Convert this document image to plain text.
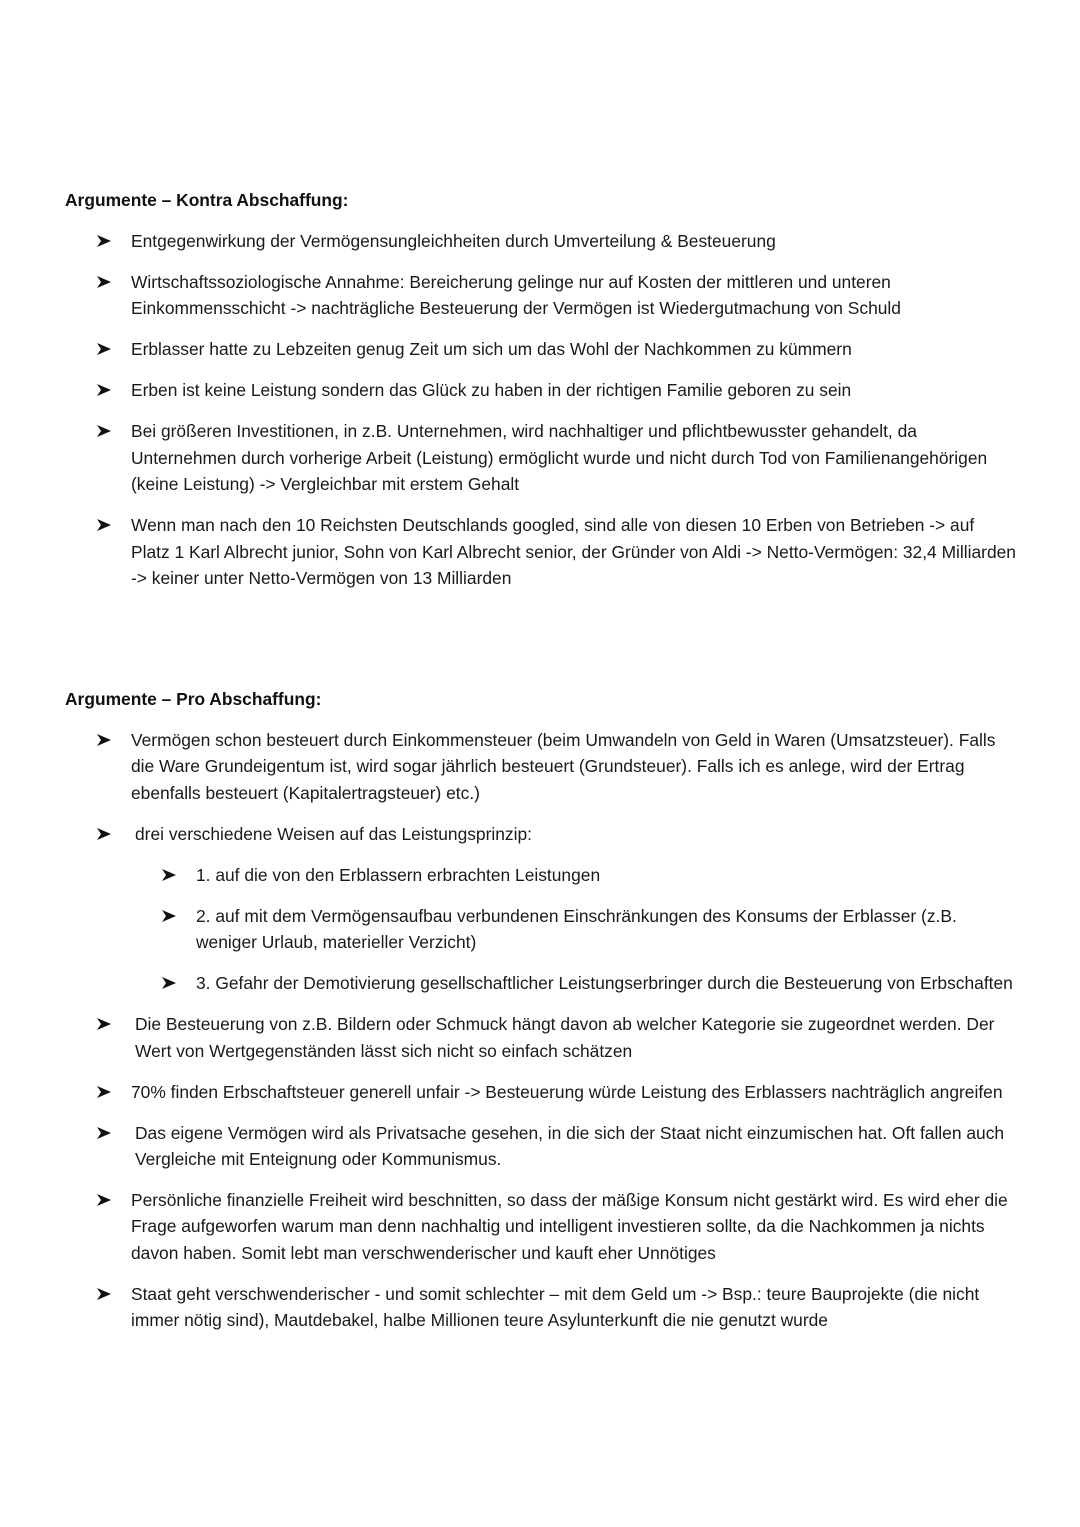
Argumente – Kontra Abschaffung:
Entgegenwirkung der Vermögensungleichheiten durch Umverteilung & Besteuerung
Wirtschaftssoziologische Annahme: Bereicherung gelinge nur auf Kosten der mittleren und unteren Einkommensschicht -> nachträgliche Besteuerung der Vermögen ist Wiedergutmachung von Schuld
Erblasser hatte zu Lebzeiten genug Zeit um sich um das Wohl der Nachkommen zu kümmern
Erben ist keine Leistung sondern das Glück zu haben in der richtigen Familie geboren zu sein
Bei größeren Investitionen, in z.B. Unternehmen, wird nachhaltiger und pflichtbewusster gehandelt, da Unternehmen durch vorherige Arbeit (Leistung) ermöglicht wurde und nicht durch Tod von Familienangehörigen (keine Leistung) -> Vergleichbar mit erstem Gehalt
Wenn man nach den 10 Reichsten Deutschlands googled, sind alle von diesen 10 Erben von Betrieben -> auf Platz 1 Karl Albrecht junior, Sohn von Karl Albrecht senior, der Gründer von Aldi -> Netto-Vermögen: 32,4 Milliarden -> keiner unter Netto-Vermögen von 13 Milliarden
Argumente – Pro Abschaffung:
Vermögen schon besteuert durch Einkommensteuer (beim Umwandeln von Geld in Waren (Umsatzsteuer). Falls die Ware Grundeigentum ist, wird sogar jährlich besteuert (Grundsteuer). Falls ich es anlege, wird der Ertrag ebenfalls besteuert (Kapitalertragsteuer) etc.)
drei verschiedene Weisen auf das Leistungsprinzip:
1. auf die von den Erblassern erbrachten Leistungen
2. auf mit dem Vermögensaufbau verbundenen Einschränkungen des Konsums der Erblasser (z.B. weniger Urlaub, materieller Verzicht)
3. Gefahr der Demotivierung gesellschaftlicher Leistungserbringer durch die Besteuerung von Erbschaften
Die Besteuerung von z.B. Bildern oder Schmuck hängt davon ab welcher Kategorie sie zugeordnet werden. Der Wert von Wertgegenständen lässt sich nicht so einfach schätzen
70% finden Erbschaftsteuer generell unfair -> Besteuerung würde Leistung des Erblassers nachträglich angreifen
Das eigene Vermögen wird als Privatsache gesehen, in die sich der Staat nicht einzumischen hat. Oft fallen auch Vergleiche mit Enteignung oder Kommunismus.
Persönliche finanzielle Freiheit wird beschnitten, so dass der mäßige Konsum nicht gestärkt wird. Es wird eher die Frage aufgeworfen warum man denn nachhaltig und intelligent investieren sollte, da die Nachkommen ja nichts davon haben. Somit lebt man verschwenderischer und kauft eher Unnötiges
Staat geht verschwenderischer - und somit schlechter – mit dem Geld um -> Bsp.: teure Bauprojekte (die nicht immer nötig sind), Mautdebakel, halbe Millionen teure Asylunterkunft die nie genutzt wurde
